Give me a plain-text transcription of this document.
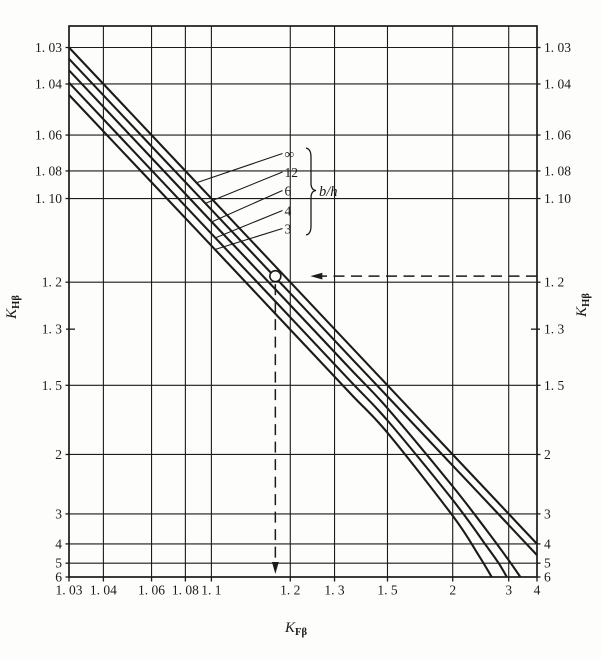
1. 03 1. 04 1. 06 1. 08 1. 1	1. 2 1. 3 1. 5	2	3 4
1. 03	1. 03
1. 04	1. 04
1. 06	1. 06
1. 08	1. 08
1. 10	1. 10
1. 2	1. 2
1. 3	1. 3
1. 5	1. 5
2	2
3	3
4	4
5	5
6	6
∞
12
6
4
3
b/h
$K_{H\beta}$
$K_{H\beta}$
$K_{F\beta}$
